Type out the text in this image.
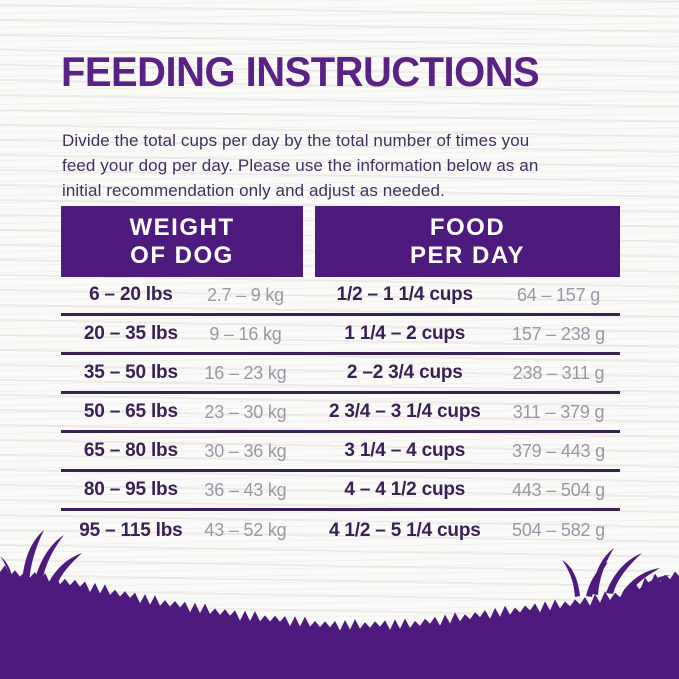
FEEDING INSTRUCTIONS
Divide the total cups per day by the total number of times you
feed your dog per day. Please use the information below as an
initial recommendation only and adjust as needed.
WEIGHT
OF DOG
FOOD
PER DAY
6 – 20 lbs	2.7 – 9 kg	1/2 – 1 1/4 cups	64 – 157 g
20 – 35 lbs	9 – 16 kg	1 1/4 – 2 cups	157 – 238 g
35 – 50 lbs	16 – 23 kg	2 –2 3/4 cups	238 – 311 g
50 – 65 lbs	23 – 30 kg	2 3/4 – 3 1/4 cups	311 – 379 g
65 – 80 lbs	30 – 36 kg	3 1/4 – 4 cups	379 – 443 g
80 – 95 lbs	36 – 43 kg	4 – 4 1/2 cups	443 – 504 g
95 – 115 lbs	43 – 52 kg	4 1/2 – 5 1/4 cups	504 – 582 g
